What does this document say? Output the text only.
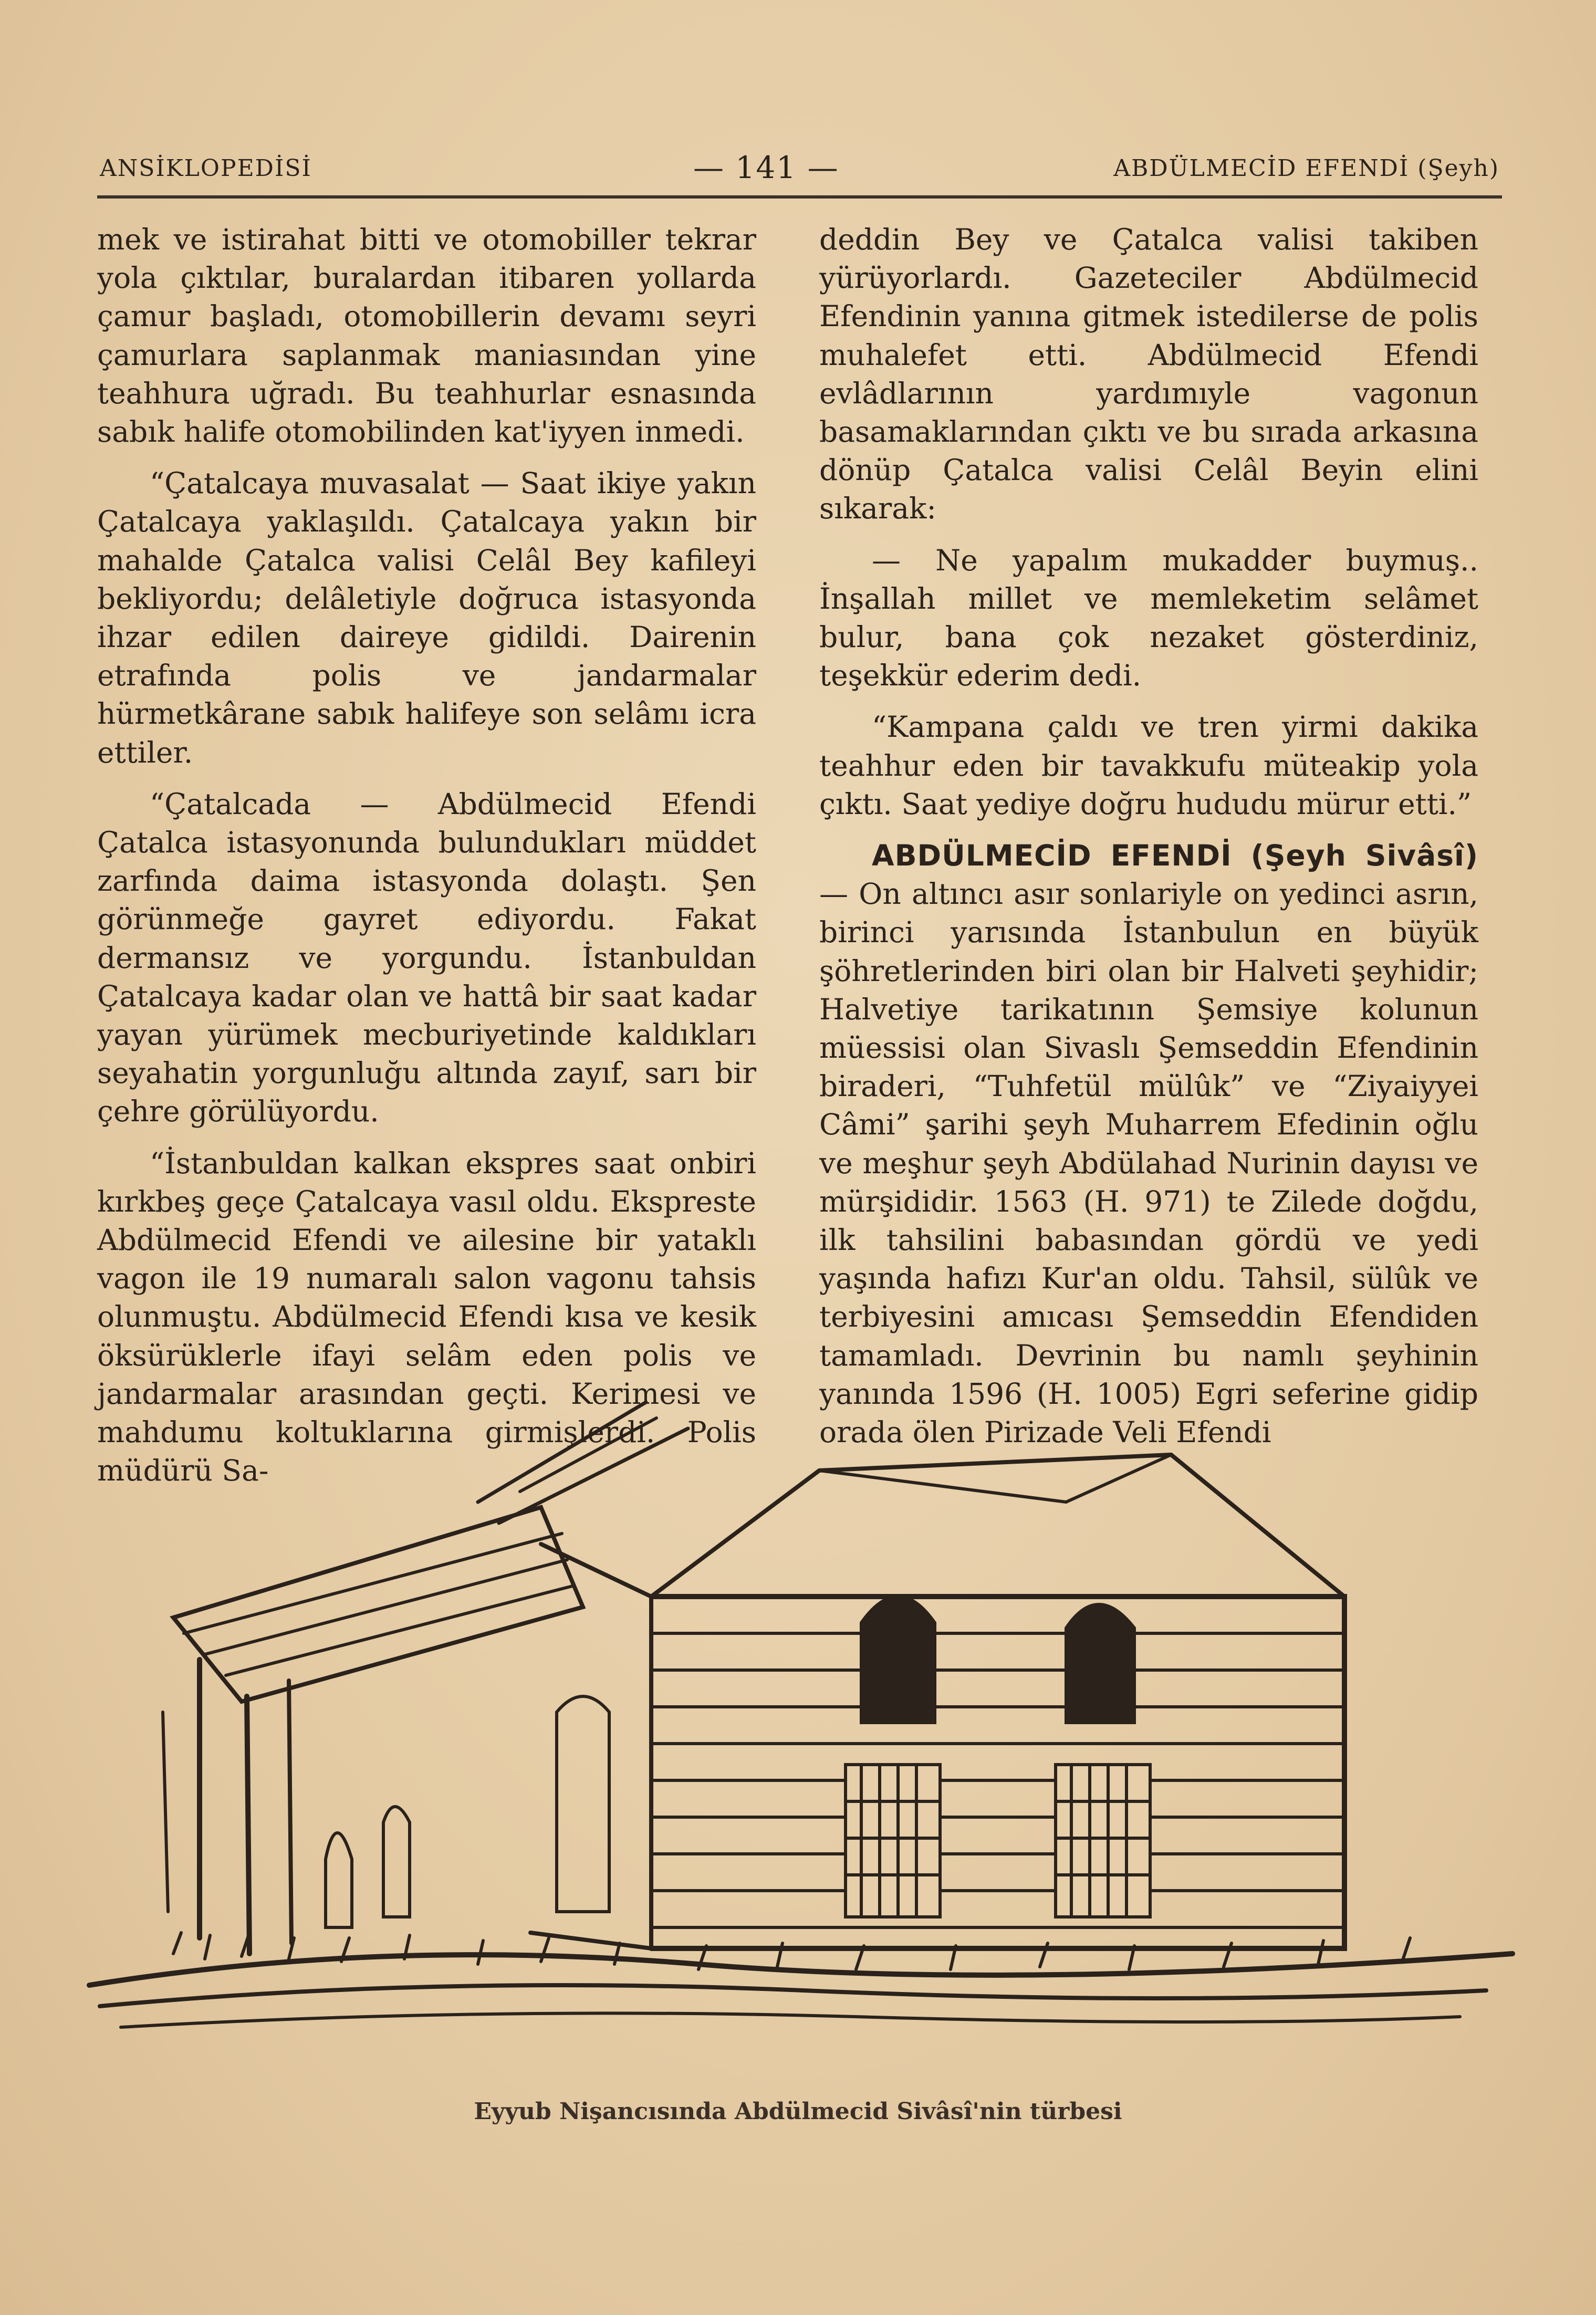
ANSİKLOPEDİSİ	— 141 —	ABDÜLMECİD EFENDİ (Şeyh)

mek ve istirahat bitti ve otomobiller tekrar yola çıktılar, buralardan itibaren yollarda çamur başladı, otomobillerin devamı seyri çamurlara saplanmak maniasından yine teahhura uğradı. Bu teahhurlar esnasında sabık halife otomobilinden kat'iyyen inmedi.

“Çatalcaya muvasalat — Saat ikiye yakın Çatalcaya yaklaşıldı. Çatalcaya yakın bir mahalde Çatalca valisi Celâl Bey kafileyi bekliyordu; delâletiyle doğruca istasyonda ihzar edilen daireye gidildi. Dairenin etrafında polis ve jandarmalar hürmetkârane sabık halifeye son selâmı icra ettiler.

“Çatalcada — Abdülmecid Efendi Çatalca istasyonunda bulundukları müddet zarfında daima istasyonda dolaştı. Şen görünmeğe gayret ediyordu. Fakat dermansız ve yorgundu. İstanbuldan Çatalcaya kadar olan ve hattâ bir saat kadar yayan yürümek mecburiyetinde kaldıkları seyahatin yorgunluğu altında zayıf, sarı bir çehre görülüyordu.

“İstanbuldan kalkan ekspres saat onbiri kırkbeş geçe Çatalcaya vasıl oldu. Ekspreste Abdülmecid Efendi ve ailesine bir yataklı vagon ile 19 numaralı salon vagonu tahsis olunmuştu. Abdülmecid Efendi kısa ve kesik öksürüklerle ifayi selâm eden polis ve jandarmalar arasından geçti. Kerimesi ve mahdumu koltuklarına girmişlerdi. Polis müdürü Sa-

deddin Bey ve Çatalca valisi takiben yürüyorlardı. Gazeteciler Abdülmecid Efendinin yanına gitmek istedilerse de polis muhalefet etti. Abdülmecid Efendi evlâdlarının yardımıyle vagonun basamaklarından çıktı ve bu sırada arkasına dönüp Çatalca valisi Celâl Beyin elini sıkarak:

— Ne yapalım mukadder buymuş.. İnşallah millet ve memleketim selâmet bulur, bana çok nezaket gösterdiniz, teşekkür ederim dedi.

“Kampana çaldı ve tren yirmi dakika teahhur eden bir tavakkufu müteakip yola çıktı. Saat yediye doğru hududu mürur etti.”

ABDÜLMECİD EFENDİ (Şeyh Sivâsî) — On altıncı asır sonlariyle on yedinci asrın, birinci yarısında İstanbulun en büyük şöhretlerinden biri olan bir Halveti şeyhidir; Halvetiye tarikatının Şemsiye kolunun müessisi olan Sivaslı Şemseddin Efendinin biraderi, “Tuhfetül mülûk” ve “Ziyaiyyei Câmi” şarihi şeyh Muharrem Efedinin oğlu ve meşhur şeyh Abdülahad Nurinin dayısı ve mürşididir. 1563 (H. 971) te Zilede doğdu, ilk tahsilini babasından gördü ve yedi yaşında hafızı Kur'an oldu. Tahsil, sülûk ve terbiyesini amıcası Şemseddin Efendiden tamamladı. Devrinin bu namlı şeyhinin yanında 1596 (H. 1005) Egri seferine gidip orada ölen Pirizade Veli Efendi

Eyyub Nişancısında Abdülmecid Sivâsî'nin türbesi
